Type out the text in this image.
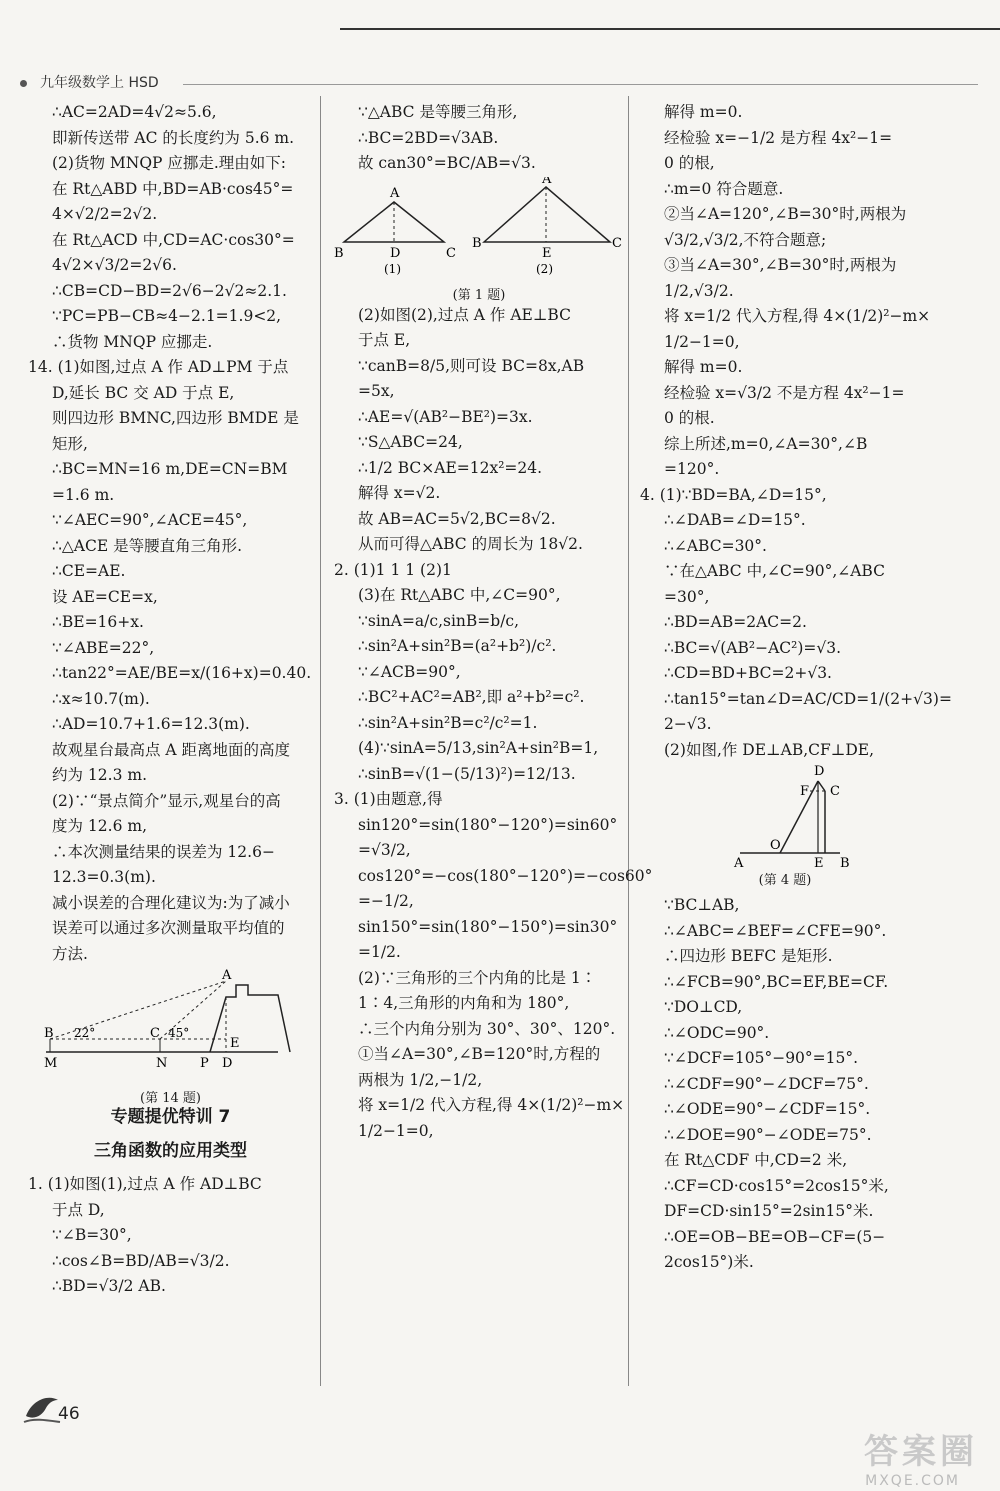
九年级数学上 HSD

∴AC=2AD=4√2≈5.6,

即新传送带 AC 的长度约为 5.6 m.

(2)货物 MNQP 应挪走.理由如下:

在 Rt△ABD 中,BD=AB·cos45°=

4×√2/2=2√2.

在 Rt△ACD 中,CD=AC·cos30°=

4√2×√3/2=2√6.

∴CB=CD−BD=2√6−2√2≈2.1.

∵PC=PB−CB≈4−2.1=1.9<2,

∴货物 MNQP 应挪走.

14. (1)如图,过点 A 作 AD⊥PM 于点

D,延长 BC 交 AD 于点 E,

则四边形 BMNC,四边形 BMDE 是

矩形,

∴BC=MN=16 m,DE=CN=BM

=1.6 m.

∵∠AEC=90°,∠ACE=45°,

∴△ACE 是等腰直角三角形.

∴CE=AE.

设 AE=CE=x,

∴BE=16+x.

∵∠ABE=22°,

∴tan22°=AE/BE=x/(16+x)=0.40.

∴x≈10.7(m).

∴AD=10.7+1.6=12.3(m).

故观星台最高点 A 距离地面的高度

约为 12.3 m.

(2)∵“景点简介”显示,观星台的高

度为 12.6 m,

∴本次测量结果的误差为 12.6−

12.3=0.3(m).

减小误差的合理化建议为:为了减小

误差可以通过多次测量取平均值的

方法.

A
B	C
E
M	N	P D
22°	45°

(第 14 题)

专题提优特训 7

三角函数的应用类型

1. (1)如图(1),过点 A 作 AD⊥BC

于点 D,

∵∠B=30°,

∴cos∠B=BD/AB=√3/2.

∴BD=√3/2 AB.

∵△ABC 是等腰三角形,

∴BC=2BD=√3AB.

故 can30°=BC/AB=√3.

A
B	D	C
A
B
E
C
(1)	(2)

(第 1 题)

(2)如图(2),过点 A 作 AE⊥BC

于点 E,

∵canB=8/5,则可设 BC=8x,AB

=5x,

∴AE=√(AB²−BE²)=3x.

∵S△ABC=24,

∴1/2 BC×AE=12x²=24.

解得 x=√2.

故 AB=AC=5√2,BC=8√2.

从而可得△ABC 的周长为 18√2.

2. (1)1 1 1 (2)1

(3)在 Rt△ABC 中,∠C=90°,

∵sinA=a/c,sinB=b/c,

∴sin²A+sin²B=(a²+b²)/c².

∵∠ACB=90°,

∴BC²+AC²=AB²,即 a²+b²=c².

∴sin²A+sin²B=c²/c²=1.

(4)∵sinA=5/13,sin²A+sin²B=1,

∴sinB=√(1−(5/13)²)=12/13.

3. (1)由题意,得

sin120°=sin(180°−120°)=sin60°

=√3/2,

cos120°=−cos(180°−120°)=−cos60°

=−1/2,

sin150°=sin(180°−150°)=sin30°

=1/2.

(2)∵三角形的三个内角的比是 1∶

1∶4,三角形的内角和为 180°,

∴三个内角分别为 30°、30°、120°.

①当∠A=30°,∠B=120°时,方程的

两根为 1/2,−1/2,

将 x=1/2 代入方程,得 4×(1/2)²−m×

1/2−1=0,

解得 m=0.

经检验 x=−1/2 是方程 4x²−1=

0 的根,

∴m=0 符合题意.

②当∠A=120°,∠B=30°时,两根为

√3/2,√3/2,不符合题意;

③当∠A=30°,∠B=30°时,两根为

1/2,√3/2.

将 x=1/2 代入方程,得 4×(1/2)²−m×

1/2−1=0,

解得 m=0.

经检验 x=√3/2 不是方程 4x²−1=

0 的根.

综上所述,m=0,∠A=30°,∠B

=120°.

4. (1)∵BD=BA,∠D=15°,

∴∠DAB=∠D=15°.

∴∠ABC=30°.

∵在△ABC 中,∠C=90°,∠ABC

=30°,

∴BD=AB=2AC=2.

∴BC=√(AB²−AC²)=√3.

∴CD=BD+BC=2+√3.

∴tan15°=tan∠D=AC/CD=1/(2+√3)=

2−√3.

(2)如图,作 DE⊥AB,CF⊥DE,

D
F C
O
A	E B

(第 4 题)

∵BC⊥AB,

∴∠ABC=∠BEF=∠CFE=90°.

∴四边形 BEFC 是矩形.

∴∠FCB=90°,BC=EF,BE=CF.

∵DO⊥CD,

∴∠ODC=90°.

∵∠DCF=105°−90°=15°.

∴∠CDF=90°−∠DCF=75°.

∴∠ODE=90°−∠CDF=15°.

∴∠DOE=90°−∠ODE=75°.

在 Rt△CDF 中,CD=2 米,

∴CF=CD·cos15°=2cos15°米,

DF=CD·sin15°=2sin15°米.

∴OE=OB−BE=OB−CF=(5−

2cos15°)米.

46
答案圈
MXQE.COM
